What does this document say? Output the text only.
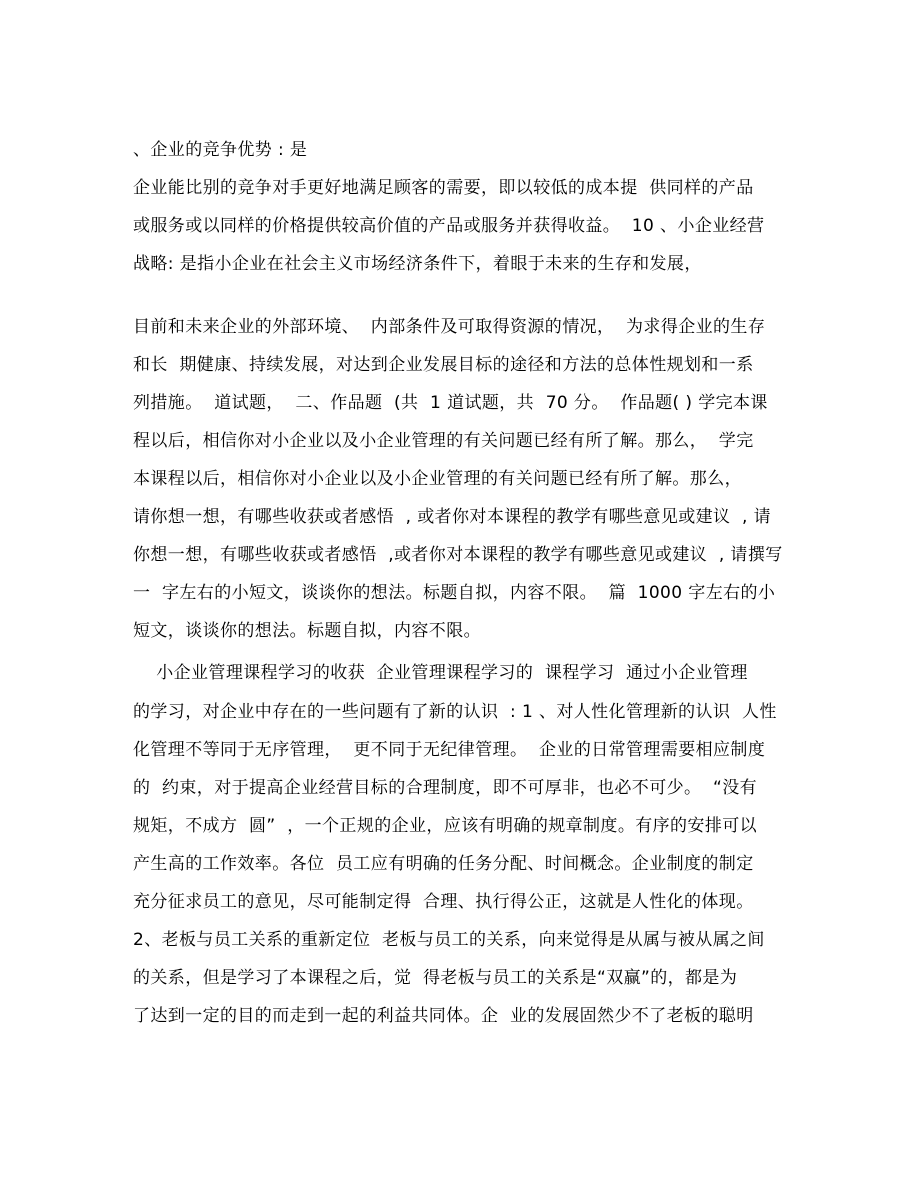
、企业的竞争优势 : 是
企业能比别的竞争对手更好地满足顾客的需要，即以较低的成本提  供同样的产品
或服务或以同样的价格提供较高价值的产品或服务并获得收益。  10 、小企业经营
战略: 是指小企业在社会主义市场经济条件下，着眼于未来的生存和发展，
目前和未来企业的外部环境、  内部条件及可取得资源的情况，  为求得企业的生存
和长  期健康、持续发展，对达到企业发展目标的途径和方法的总体性规划和一系
列措施。  道试题，  二、作品题  (共  1 道试题，共  70 分。  作品题( ) 学完本课
程以后，相信你对小企业以及小企业管理的有关问题已经有所了解。那么，  学完
本课程以后，相信你对小企业以及小企业管理的有关问题已经有所了解。那么，
请你想一想，有哪些收获或者感悟  , 或者你对本课程的教学有哪些意见或建议  , 请
你想一想，有哪些收获或者感悟  ,或者你对本课程的教学有哪些意见或建议  , 请撰写
一  字左右的小短文，谈谈你的想法。标题自拟，内容不限。  篇  1000 字左右的小
短文，谈谈你的想法。标题自拟，内容不限。
小企业管理课程学习的收获  企业管理课程学习的  课程学习  通过小企业管理
的学习，对企业中存在的一些问题有了新的认识  : 1 、对人性化管理新的认识  人性
化管理不等同于无序管理，  更不同于无纪律管理。  企业的日常管理需要相应制度
的  约束，对于提高企业经营目标的合理制度，即不可厚非，也必不可少。  “没有
规矩，不成方  圆”  ，一个正规的企业，应该有明确的规章制度。有序的安排可以
产生高的工作效率。各位  员工应有明确的任务分配、时间概念。企业制度的制定
充分征求员工的意见，尽可能制定得  合理、执行得公正，这就是人性化的体现。
2、老板与员工关系的重新定位  老板与员工的关系，向来觉得是从属与被从属之间
的关系，但是学习了本课程之后，觉  得老板与员工的关系是“双赢”的，都是为
了达到一定的目的而走到一起的利益共同体。企  业的发展固然少不了老板的聪明
